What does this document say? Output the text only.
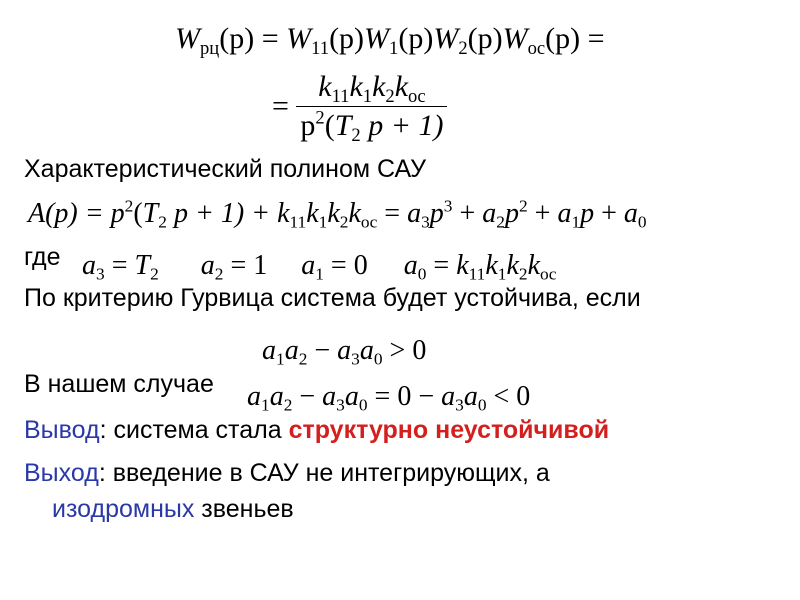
$W_{рц}(p) = W_{11}(p)W_1(p)W_2(p)W_{oc}(p)$ =
= $\frac{k_{11}k_1k_2k_{oc}}{p^2(T_2 p + 1)}$
Характеристический полином САУ
$A(p) = p^2(T_2$ $p + 1) + k_{11}k_1k_2k_{oc} = a_3p^3 + a_2p^2 + a_1p + a_0$
где $a_3 = T_2$ $a_2 = 1$ $a_1 = 0$ $a_0 = k_{11}k_1k_2k_{oc}$
По критерию Гурвица система будет устойчива, если
$a_1a_2 - a_3a_0 > 0$
В нашем случае $a_1a_2 - a_3a_0 = 0 - a_3a_0 < 0$
Вывод: система стала структурно неустойчивой
Выход: введение в САУ не интегрирующих, а
изодромных звеньев
